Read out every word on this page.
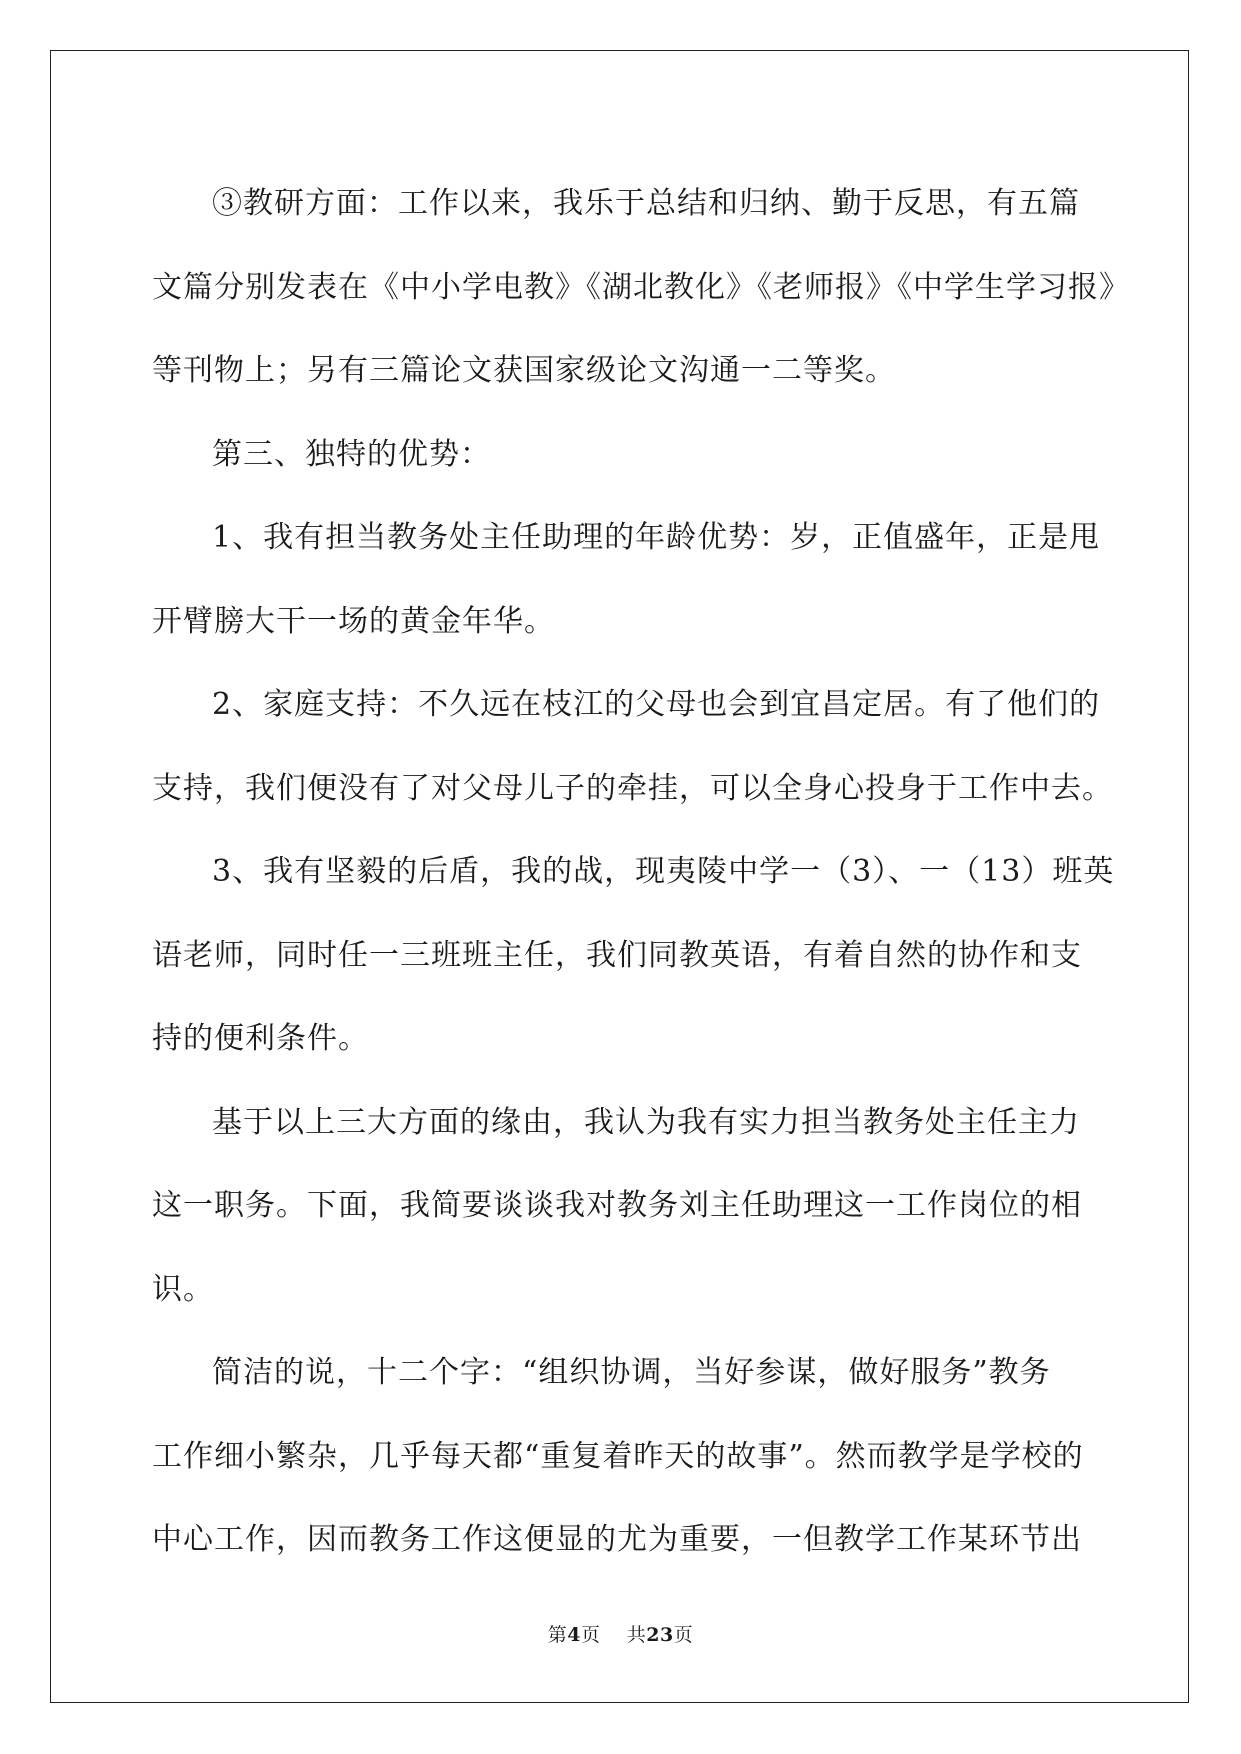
③教研方面：工作以来，我乐于总结和归纳、勤于反思，有五篇
文篇分别发表在《中小学电教》《湖北教化》《老师报》《中学生学习报》
等刊物上；另有三篇论文获国家级论文沟通一二等奖。

第三、独特的优势：

1、我有担当教务处主任助理的年龄优势：岁，正值盛年，正是甩
开臂膀大干一场的黄金年华。

2、家庭支持：不久远在枝江的父母也会到宜昌定居。有了他们的
支持，我们便没有了对父母儿子的牵挂，可以全身心投身于工作中去。

3、我有坚毅的后盾，我的战，现夷陵中学一（3）、一（13）班英
语老师，同时任一三班班主任，我们同教英语，有着自然的协作和支
持的便利条件。

基于以上三大方面的缘由，我认为我有实力担当教务处主任主力
这一职务。下面，我简要谈谈我对教务刘主任助理这一工作岗位的相
识。

简洁的说，十二个字：“组织协调，当好参谋，做好服务”教务
工作细小繁杂，几乎每天都“重复着昨天的故事”。然而教学是学校的
中心工作，因而教务工作这便显的尤为重要，一但教学工作某环节出

第4页 共23页
